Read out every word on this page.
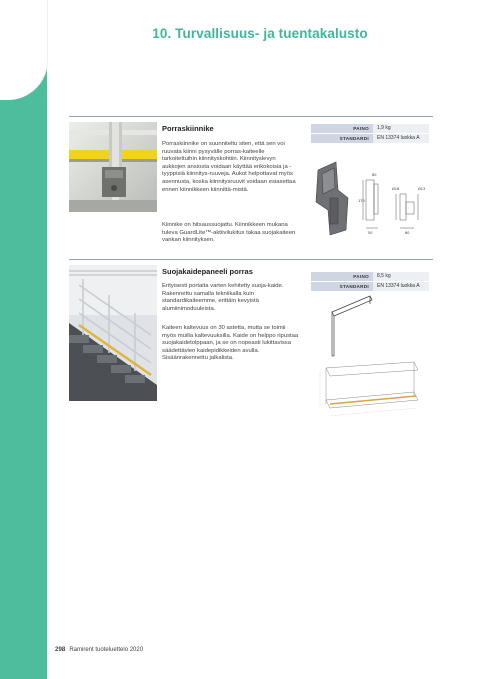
10. Turvallisuus- ja tuentakalusto
Porraskiinnike
Porraskiinnike on suunniteltu siten, että sen voi ruuvata kiinni pysyvälle porras-kaiteelle tarkoitettuihin kiinnityskohtiin. Kiinnityslevyn aukkojen ansiosta voidaan käyttää erikokoisia ja -tyyppisiä kiinnitys-ruuveja. Aukot helpottavat myös asennusta, koska kiinnitysruuvit voidaan esiasettaa ennen kiinnikkeen kiinnittä-mistä.
Kiinnike on hitsaussuojattu. Kiinnikkeen mukana tuleva GuardLite™-aktiivilukitus takaa suojakaiteen vankan kiinnityksen.
PAINO	1,9 kg
STANDARDI	EN 13374 luokka A
80
170
50
Ø18	Ø13
60
Suojakaidepaneeli porras
Erityisesti portaita varten kehitetty suoja-kaide. Rakennettu samalla tekniikalla kuin standardikaiteemme, erittäin kevyistä alumiinimoduuleista.
Kaiteen kaltevuus on 30 astetta, mutta se toimii myös muilla kaltevuuksilla. Kaide on helppo ripustaa suojakaidetolppaan, ja se on nopeasti lukittavissa säädettävien kaidepidikkeiden avulla. Sisäänrakennettu jalkalista.
PAINO	8,5 kg
STANDARDI	EN 13374 luokka A
298 Ramirent tuoteluettelo 2020
